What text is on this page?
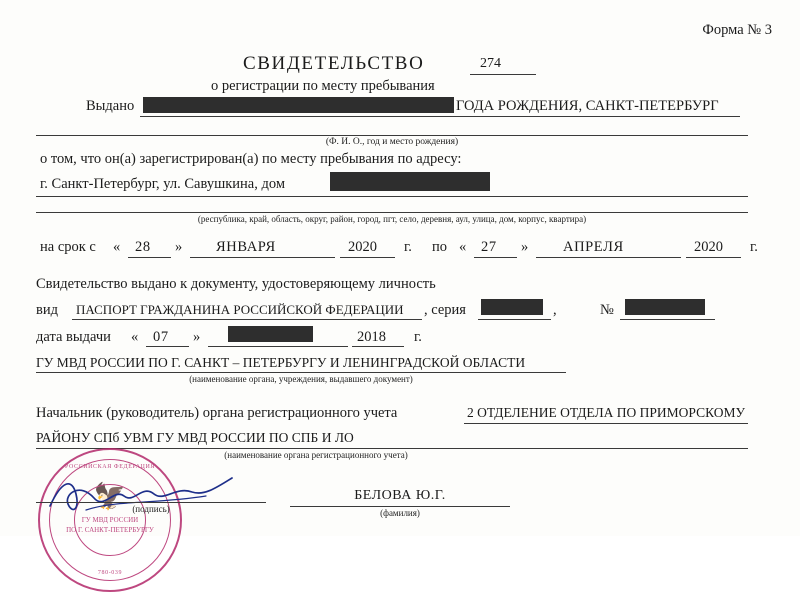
Форма № 3
СВИДЕТЕЛЬСТВО	274
о регистрации по месту пребывания
Выдано	ГОДА РОЖДЕНИЯ, САНКТ-ПЕТЕРБУРГ
(Ф. И. О., год и место рождения)
о том, что он(а) зарегистрирован(а) по месту пребывания по адресу:
г. Санкт-Петербург, ул. Савушкина, дом
(республика, край, область, округ, район, город, пгт, село, деревня, аул, улица, дом, корпус, квартира)
на срок с « 28 » ЯНВАРЯ	2020 г. по « 27 » АПРЕЛЯ	2020 г.
Свидетельство выдано к документу, удостоверяющему личность
вид ПАСПОРТ ГРАЖДАНИНА РОССИЙСКОЙ ФЕДЕРАЦИИ , серия	,	№
дата выдачи « 07 »	2018 г.
ГУ МВД РОССИИ ПО Г. САНКТ – ПЕТЕРБУРГУ И ЛЕНИНГРАДСКОЙ ОБЛАСТИ
(наименование органа, учреждения, выдавшего документ)
Начальник (руководитель) органа регистрационного учета	2 ОТДЕЛЕНИЕ ОТДЕЛА ПО ПРИМОРСКОМУ
РАЙОНУ СПб УВМ ГУ МВД РОССИИ ПО СПБ И ЛО
(наименование органа регистрационного учета)
РОССИЙСКАЯ ФЕДЕРАЦИЯ
🦅
ГУ МВД РОССИИ
ПО Г. САНКТ-ПЕТЕРБУРГУ
780-039
(подпись)
БЕЛОВА Ю.Г.
(фамилия)
